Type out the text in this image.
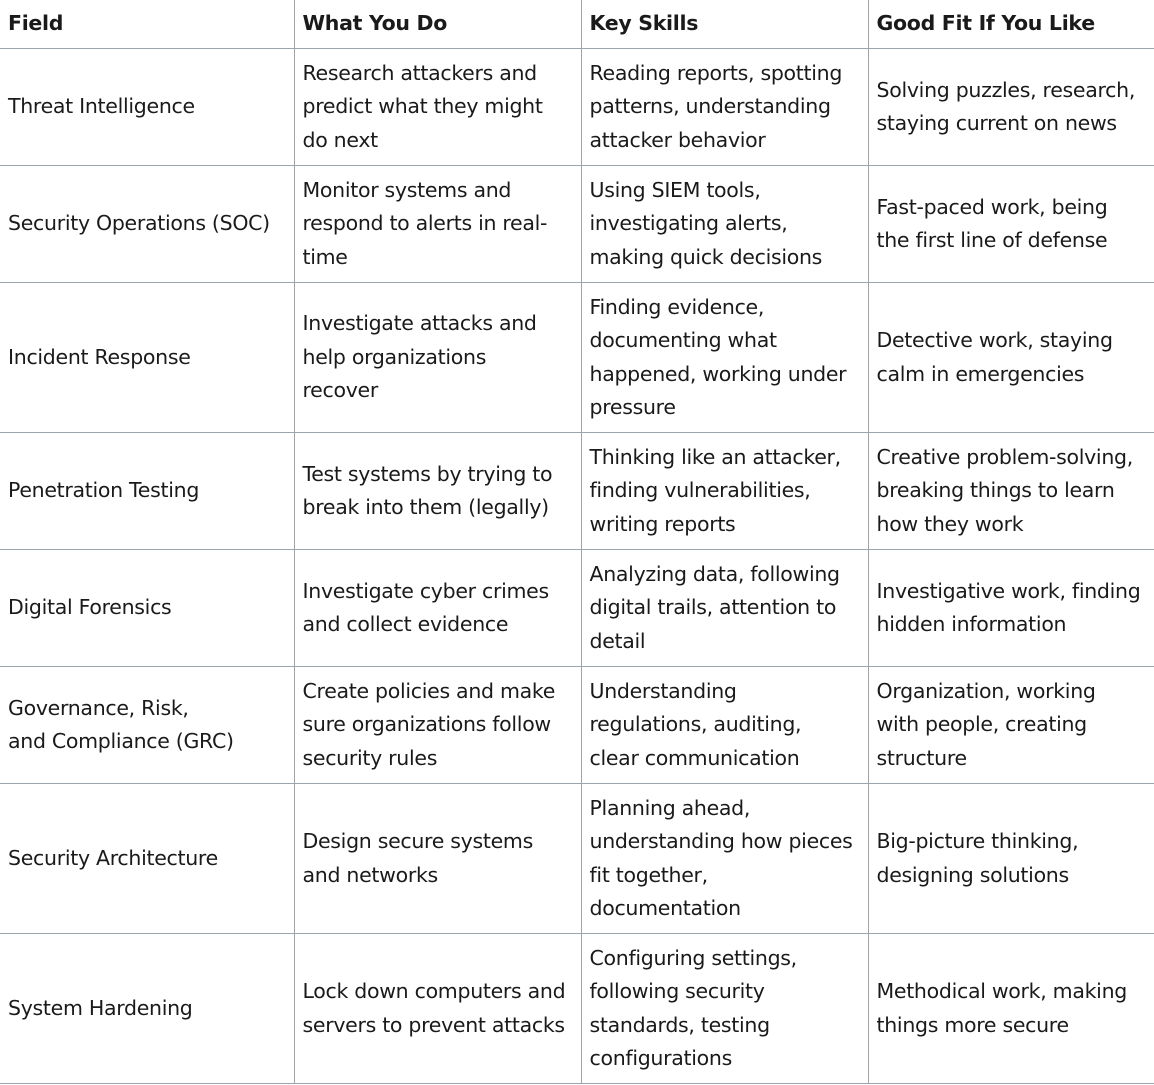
Field	What You Do	Key Skills	Good Fit If You Like

Threat Intelligence	Research attackers and
predict what they might
do next	Reading reports, spotting
patterns, understanding
attacker behavior	Solving puzzles, research,
staying current on news

Security Operations (SOC)	Monitor systems and
respond to alerts in real-
time	Using SIEM tools,
investigating alerts,
making quick decisions	Fast-paced work, being
the first line of defense

Incident Response	Investigate attacks and
help organizations
recover	Finding evidence,
documenting what
happened, working under
pressure	Detective work, staying
calm in emergencies

Penetration Testing	Test systems by trying to
break into them (legally)	Thinking like an attacker,
finding vulnerabilities,
writing reports	Creative problem-solving,
breaking things to learn
how they work

Digital Forensics	Investigate cyber crimes
and collect evidence	Analyzing data, following
digital trails, attention to
detail	Investigative work, finding
hidden information

Governance, Risk,
and Compliance (GRC)	Create policies and make
sure organizations follow
security rules	Understanding
regulations, auditing,
clear communication	Organization, working
with people, creating
structure

Security Architecture	Design secure systems
and networks	Planning ahead,
understanding how pieces
fit together,
documentation	Big-picture thinking,
designing solutions

System Hardening	Lock down computers and
servers to prevent attacks	Configuring settings,
following security
standards, testing
configurations	Methodical work, making
things more secure
